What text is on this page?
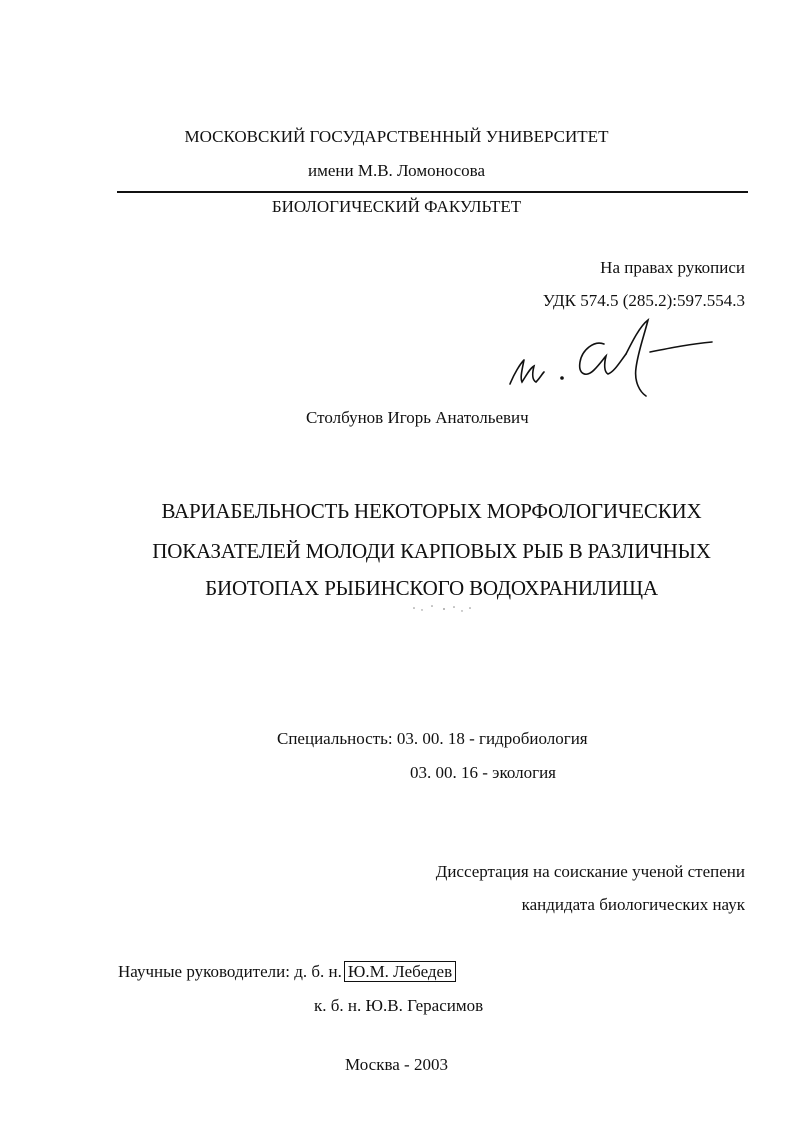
МОСКОВСКИЙ ГОСУДАРСТВЕННЫЙ УНИВЕРСИТЕТ
имени М.В. Ломоносова
БИОЛОГИЧЕСКИЙ ФАКУЛЬТЕТ
На правах рукописи
УДК 574.5 (285.2):597.554.3
Столбунов Игорь Анатольевич
ВАРИАБЕЛЬНОСТЬ НЕКОТОРЫХ МОРФОЛОГИЧЕСКИХ
ПОКАЗАТЕЛЕЙ МОЛОДИ КАРПОВЫХ РЫБ В РАЗЛИЧНЫХ
БИОТОПАХ РЫБИНСКОГО ВОДОХРАНИЛИЩА
Специальность: 03. 00. 18 - гидробиология
03. 00. 16 - экология
Диссертация на соискание ученой степени
кандидата биологических наук
Научные руководители: д. б. н. Ю.М. Лебедев
к. б. н. Ю.В. Герасимов
Москва - 2003
